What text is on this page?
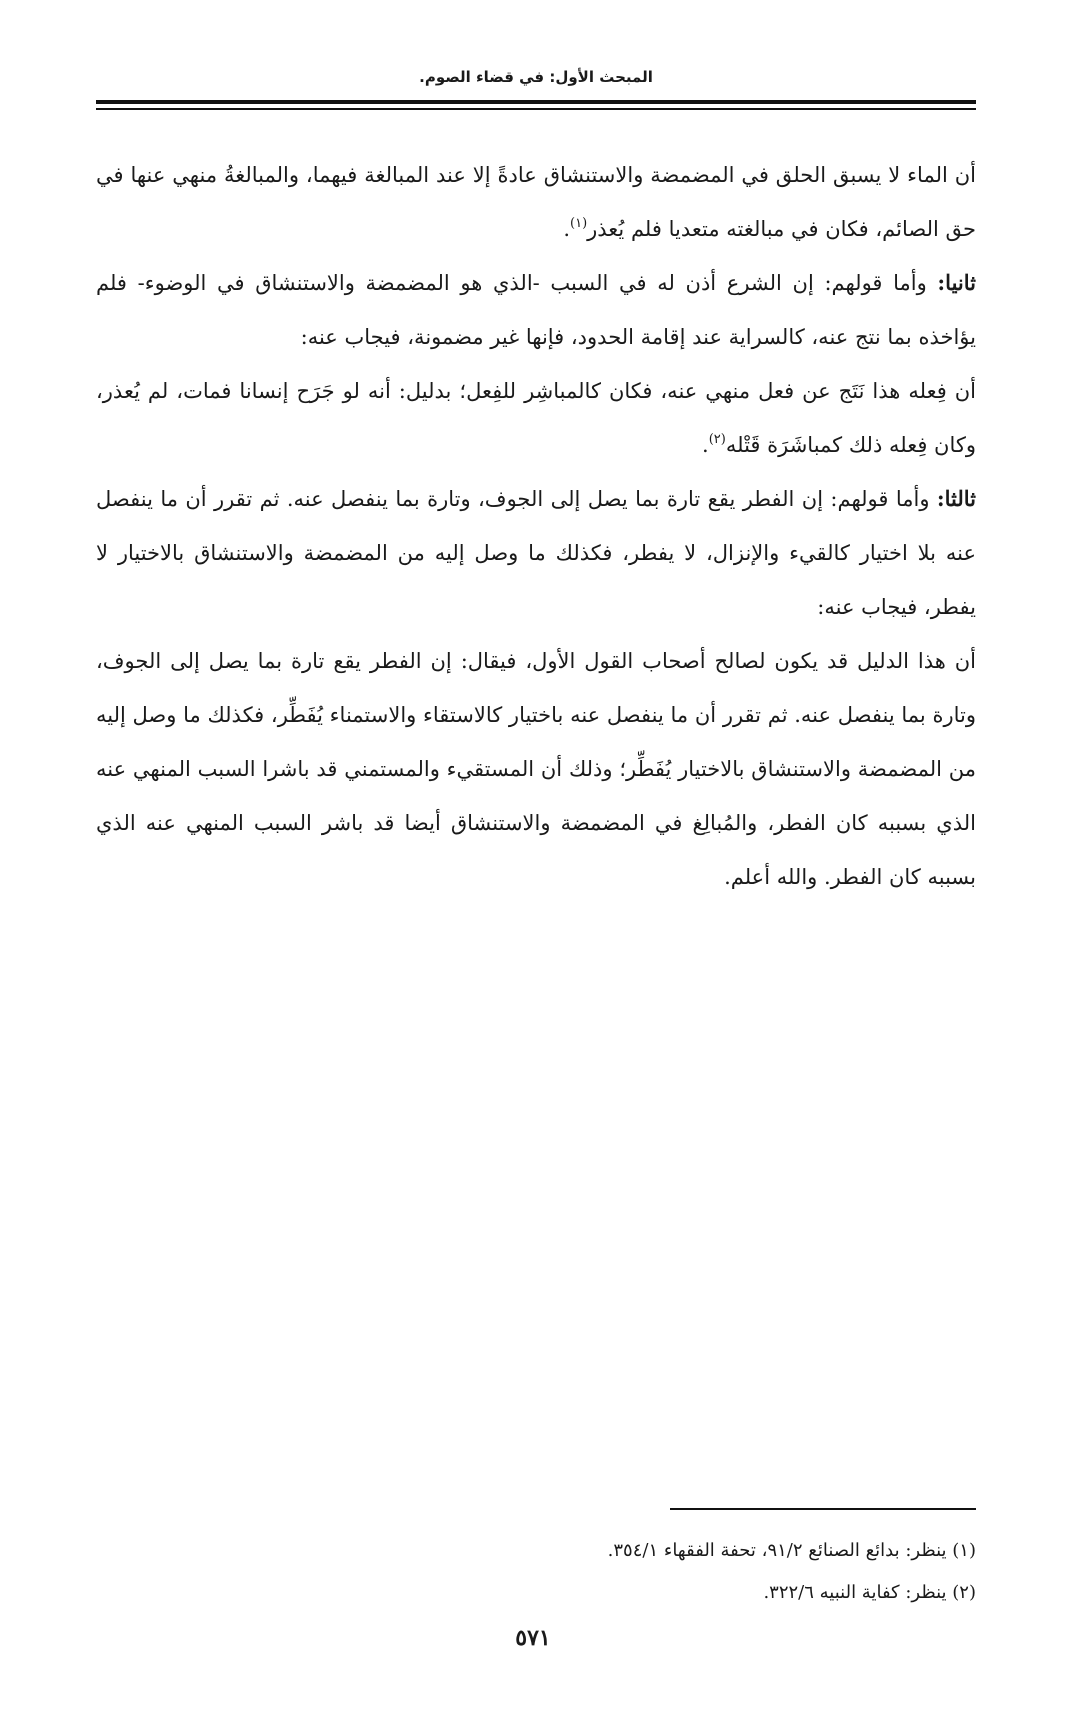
المبحث الأول: في قضاء الصوم.

أن الماء لا يسبق الحلق في المضمضة والاستنشاق عادةً إلا عند المبالغة فيهما، والمبالغةُ منهي عنها في حق الصائم، فكان في مبالغته متعديا فلم يُعذر$^{(١)}$.

ثانيا: وأما قولهم: إن الشرع أذن له في السبب -الذي هو المضمضة والاستنشاق في الوضوء- فلم يؤاخذه بما نتج عنه، كالسراية عند إقامة الحدود، فإنها غير مضمونة، فيجاب عنه:

أن فِعله هذا نَتَج عن فعل منهي عنه، فكان كالمباشِر للفِعل؛ بدليل: أنه لو جَرَح إنسانا فمات، لم يُعذر، وكان فِعله ذلك كمباشَرَة قَتْله$^{(٢)}$.

ثالثا: وأما قولهم: إن الفطر يقع تارة بما يصل إلى الجوف، وتارة بما ينفصل عنه. ثم تقرر أن ما ينفصل عنه بلا اختيار كالقيء والإنزال، لا يفطر، فكذلك ما وصل إليه من المضمضة والاستنشاق بالاختيار لا يفطر، فيجاب عنه:

أن هذا الدليل قد يكون لصالح أصحاب القول الأول، فيقال: إن الفطر يقع تارة بما يصل إلى الجوف، وتارة بما ينفصل عنه. ثم تقرر أن ما ينفصل عنه باختيار كالاستقاء والاستمناء يُفَطِّر، فكذلك ما وصل إليه من المضمضة والاستنشاق بالاختيار يُفَطِّر؛ وذلك أن المستقيء والمستمني قد باشرا السبب المنهي عنه الذي بسببه كان الفطر، والمُبالِغ في المضمضة والاستنشاق أيضا قد باشر السبب المنهي عنه الذي بسببه كان الفطر. والله أعلم.

(١) ينظر: بدائع الصنائع ٩١/٢، تحفة الفقهاء ٣٥٤/١.

(٢) ينظر: كفاية النبيه ٣٢٢/٦.

٥٧١
